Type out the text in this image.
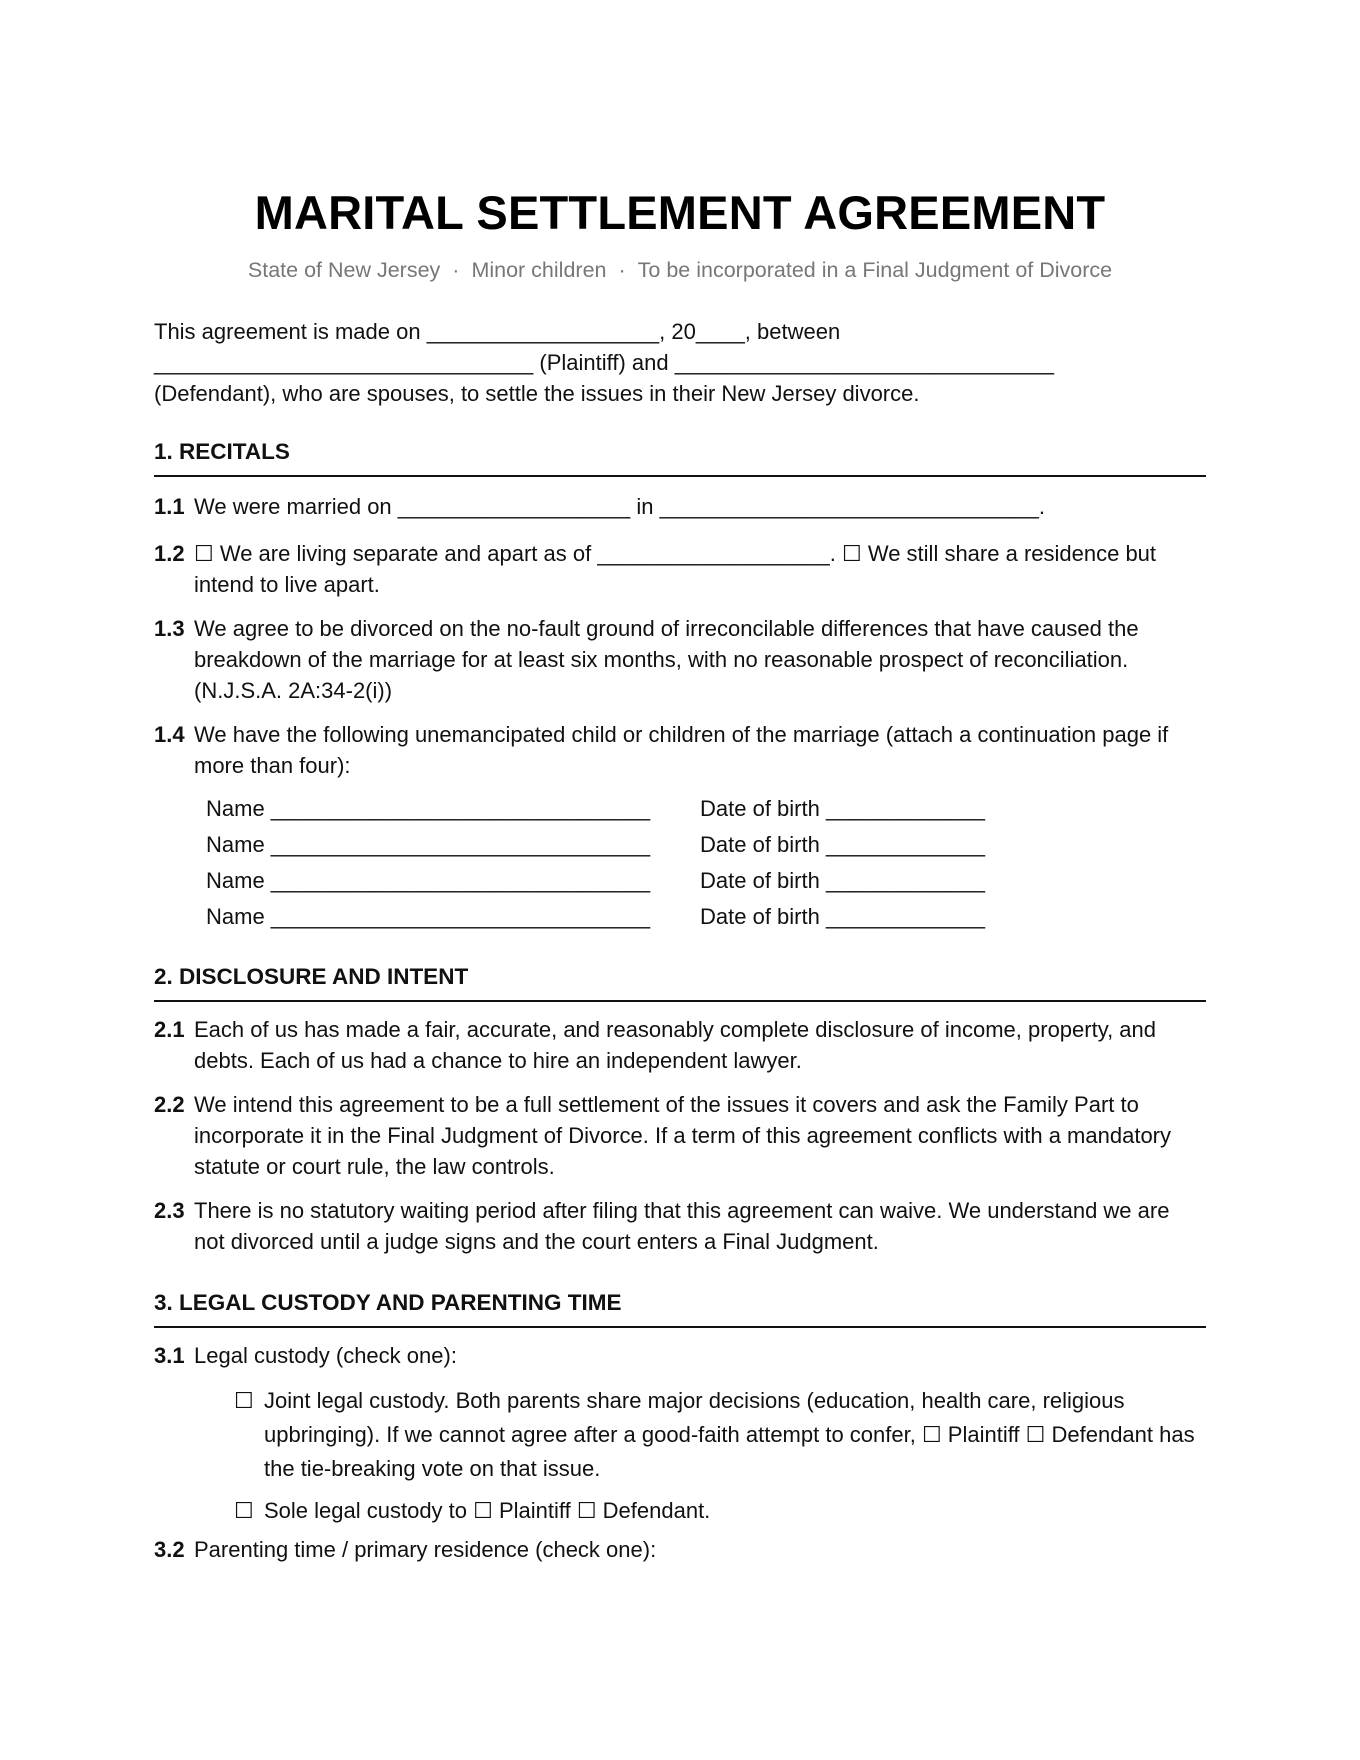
MARITAL SETTLEMENT AGREEMENT
State of New Jersey · Minor children · To be incorporated in a Final Judgment of Divorce
This agreement is made on ___________________, 20____, between
_______________________________ (Plaintiff) and _______________________________
(Defendant), who are spouses, to settle the issues in their New Jersey divorce.
1. RECITALS
1.1 We were married on ___________________ in _______________________________.
1.2 ☐ We are living separate and apart as of ___________________. ☐ We still share a residence but intend to live apart.
1.3 We agree to be divorced on the no-fault ground of irreconcilable differences that have caused the breakdown of the marriage for at least six months, with no reasonable prospect of reconciliation. (N.J.S.A. 2A:34-2(i))
1.4 We have the following unemancipated child or children of the marriage (attach a continuation page if more than four):
Name _______________________________ Date of birth _____________
Name _______________________________ Date of birth _____________
Name _______________________________ Date of birth _____________
Name _______________________________ Date of birth _____________
2. DISCLOSURE AND INTENT
2.1 Each of us has made a fair, accurate, and reasonably complete disclosure of income, property, and debts. Each of us had a chance to hire an independent lawyer.
2.2 We intend this agreement to be a full settlement of the issues it covers and ask the Family Part to incorporate it in the Final Judgment of Divorce. If a term of this agreement conflicts with a mandatory statute or court rule, the law controls.
2.3 There is no statutory waiting period after filing that this agreement can waive. We understand we are not divorced until a judge signs and the court enters a Final Judgment.
3. LEGAL CUSTODY AND PARENTING TIME
3.1 Legal custody (check one):
☐ Joint legal custody. Both parents share major decisions (education, health care, religious upbringing). If we cannot agree after a good-faith attempt to confer, ☐ Plaintiff ☐ Defendant has the tie-breaking vote on that issue.
☐ Sole legal custody to ☐ Plaintiff ☐ Defendant.
3.2 Parenting time / primary residence (check one):
